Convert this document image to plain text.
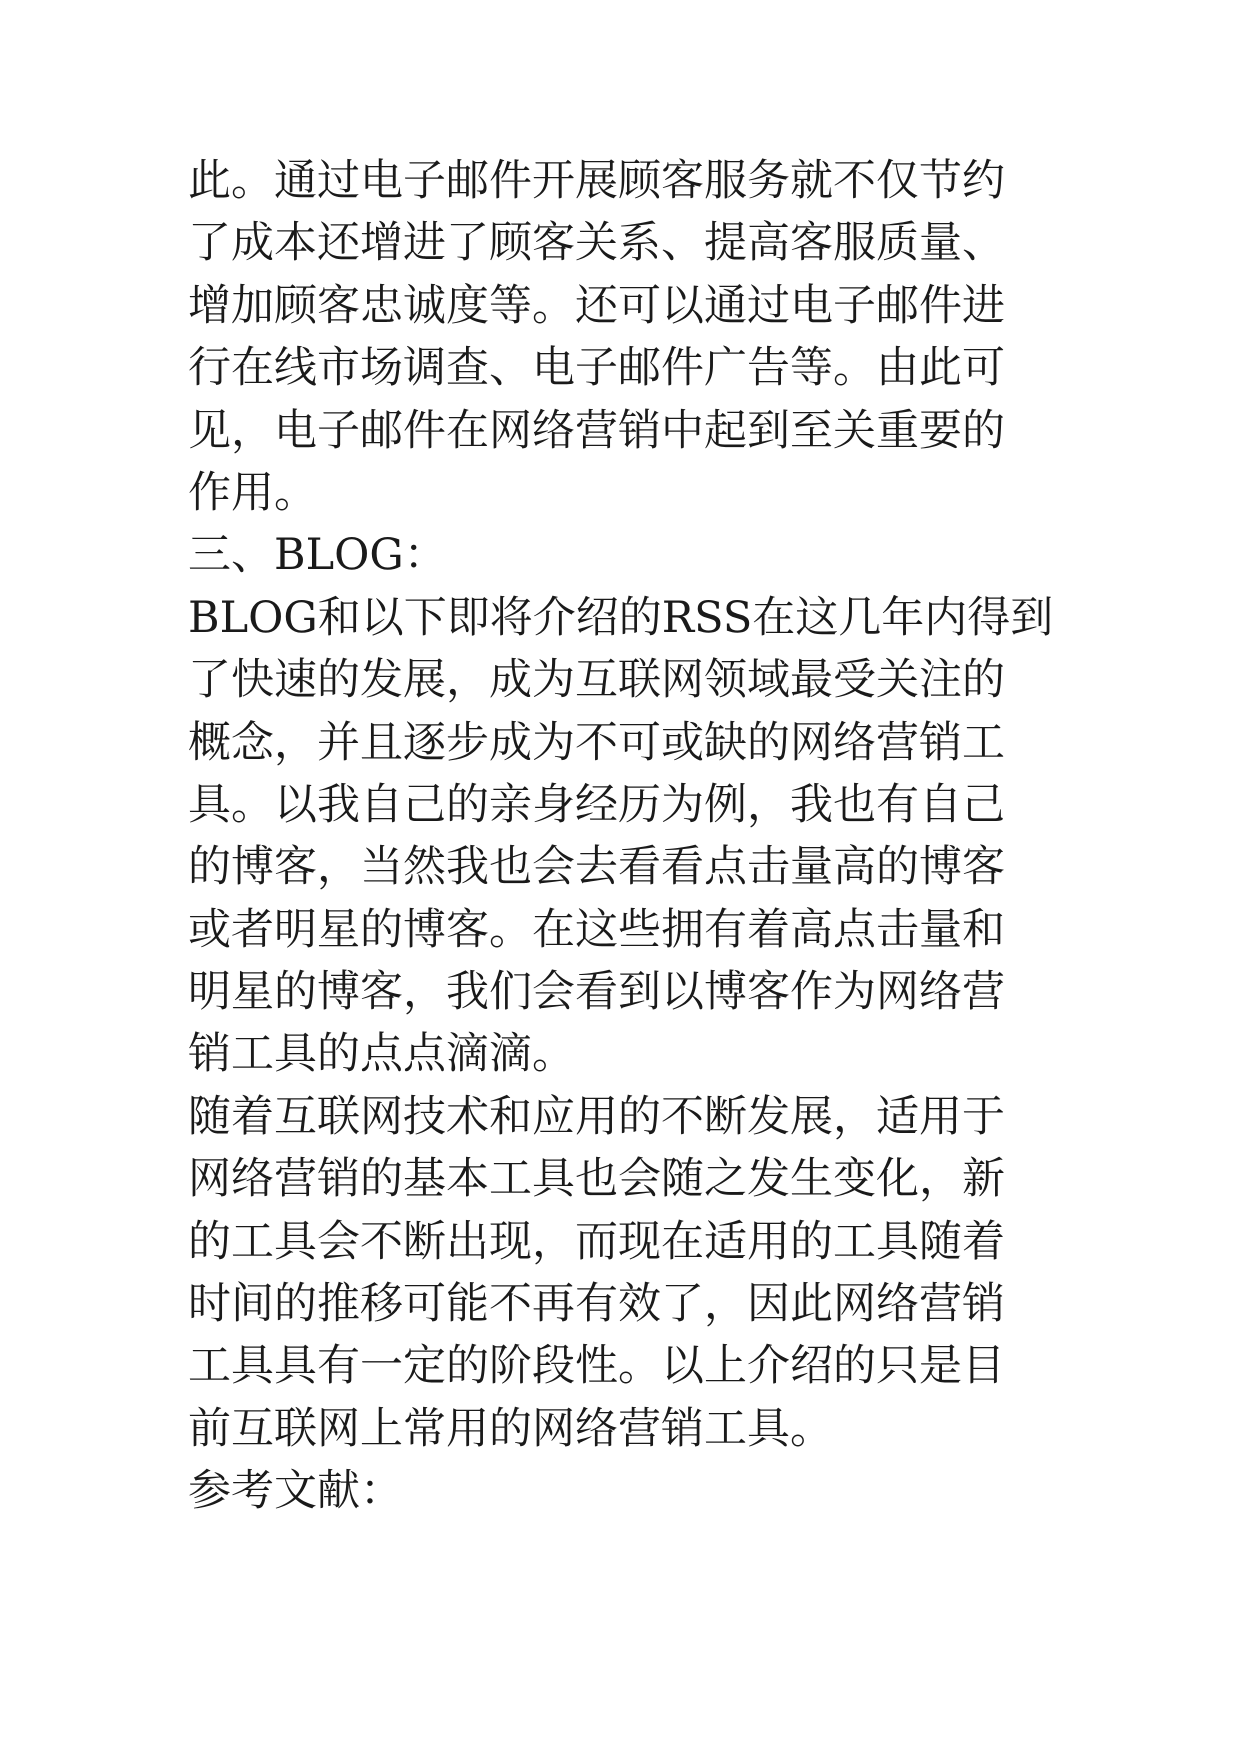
此。通过电子邮件开展顾客服务就不仅节约
了成本还增进了顾客关系、提高客服质量、
增加顾客忠诚度等。还可以通过电子邮件进
行在线市场调查、电子邮件广告等。由此可
见，电子邮件在网络营销中起到至关重要的
作用。
三、BLOG：
BLOG和以下即将介绍的RSS在这几年内得到
了快速的发展，成为互联网领域最受关注的
概念，并且逐步成为不可或缺的网络营销工
具。以我自己的亲身经历为例，我也有自己
的博客，当然我也会去看看点击量高的博客
或者明星的博客。在这些拥有着高点击量和
明星的博客，我们会看到以博客作为网络营
销工具的点点滴滴。
随着互联网技术和应用的不断发展，适用于
网络营销的基本工具也会随之发生变化，新
的工具会不断出现，而现在适用的工具随着
时间的推移可能不再有效了，因此网络营销
工具具有一定的阶段性。以上介绍的只是目
前互联网上常用的网络营销工具。
参考文献：
